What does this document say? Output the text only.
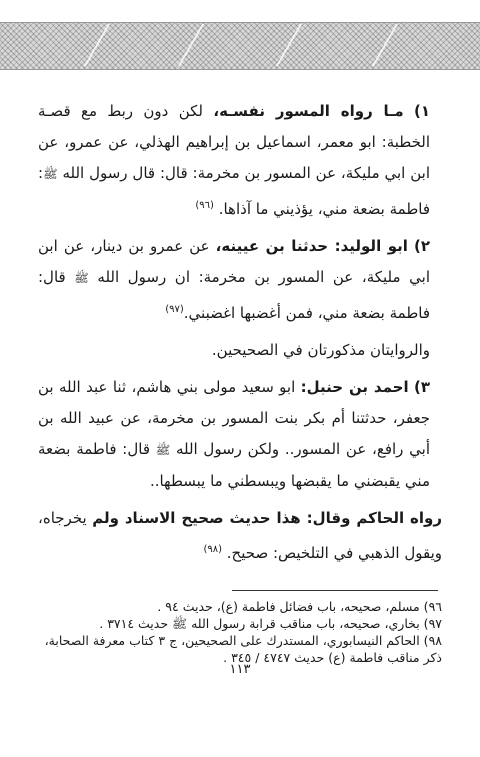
١) مـا رواه المسور نفسـه، لكن دون ربط مع قصـة الخطبة: ابو معمر، اسماعيل بن إبراهيم الهذلي، عن عمرو، عن ابن ابي مليكة، عن المسور بن مخرمة: قال: قال رسول الله ﷺ: فاطمة بضعة مني، يؤذيني ما آذاها. $^{(٩٦)}$

٢) ابو الوليد: حدثنا بن عيينه، عن عمرو بن دينار، عن ابن ابي مليكة، عن المسور بن مخرمة: ان رسول الله ﷺ قال: فاطمة بضعة مني، فمن أغضبها اغضبني.$^{(٩٧)}$

والروايتان مذكورتان في الصحيحين.

٣) احمد بن حنبل: ابو سعيد مولى بني هاشم، ثنا عبد الله بن جعفر، حدثتنا أم بكر بنت المسور بن مخرمة، عن عبيد الله بن أبي رافع، عن المسور.. ولكن رسول الله ﷺ قال: فاطمة بضعة مني يقبضني ما يقبضها ويبسطني ما يبسطها..

رواه الحاكم وقال: هذا حديث صحيح الاسناد ولم يخرجاه، ويقول الذهبي في التلخيص: صحيح. $^{(٩٨)}$

٩٦) مسلم، صحيحه، باب فضائل فاطمة (ع)، حديث ٩٤ .

٩٧) بخاري، صحيحه، باب مناقب قرابة رسول الله ﷺ حديث ٣٧١٤ .

٩٨) الحاكم النيسابوري، المستدرك على الصحيحين، ج ٣ كتاب معرفة الصحابة، ذكر مناقب فاطمة (ع) حديث ٤٧٤٧ / ٣٤٥ .

١١٣
